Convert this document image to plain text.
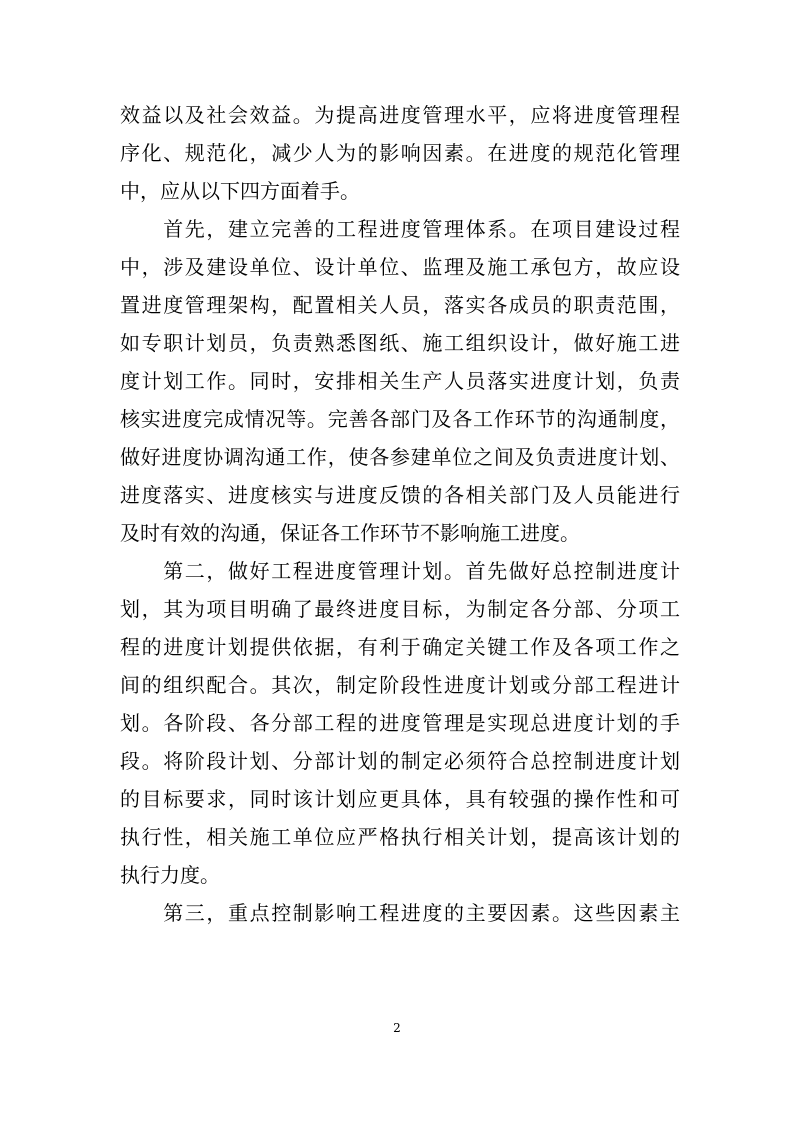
效益以及社会效益。为提高进度管理水平，应将进度管理程
序化、规范化，减少人为的影响因素。在进度的规范化管理
中，应从以下四方面着手。
　　首先，建立完善的工程进度管理体系。在项目建设过程
中，涉及建设单位、设计单位、监理及施工承包方，故应设
置进度管理架构，配置相关人员，落实各成员的职责范围，
如专职计划员，负责熟悉图纸、施工组织设计，做好施工进
度计划工作。同时，安排相关生产人员落实进度计划，负责
核实进度完成情况等。完善各部门及各工作环节的沟通制度，
做好进度协调沟通工作，使各参建单位之间及负责进度计划、
进度落实、进度核实与进度反馈的各相关部门及人员能进行
及时有效的沟通，保证各工作环节不影响施工进度。
　　第二，做好工程进度管理计划。首先做好总控制进度计
划，其为项目明确了最终进度目标，为制定各分部、分项工
程的进度计划提供依据，有利于确定关键工作及各项工作之
间的组织配合。其次，制定阶段性进度计划或分部工程进计
划。各阶段、各分部工程的进度管理是实现总进度计划的手
段。将阶段计划、分部计划的制定必须符合总控制进度计划
的目标要求，同时该计划应更具体，具有较强的操作性和可
执行性，相关施工单位应严格执行相关计划，提高该计划的
执行力度。
　　第三，重点控制影响工程进度的主要因素。这些因素主
2
